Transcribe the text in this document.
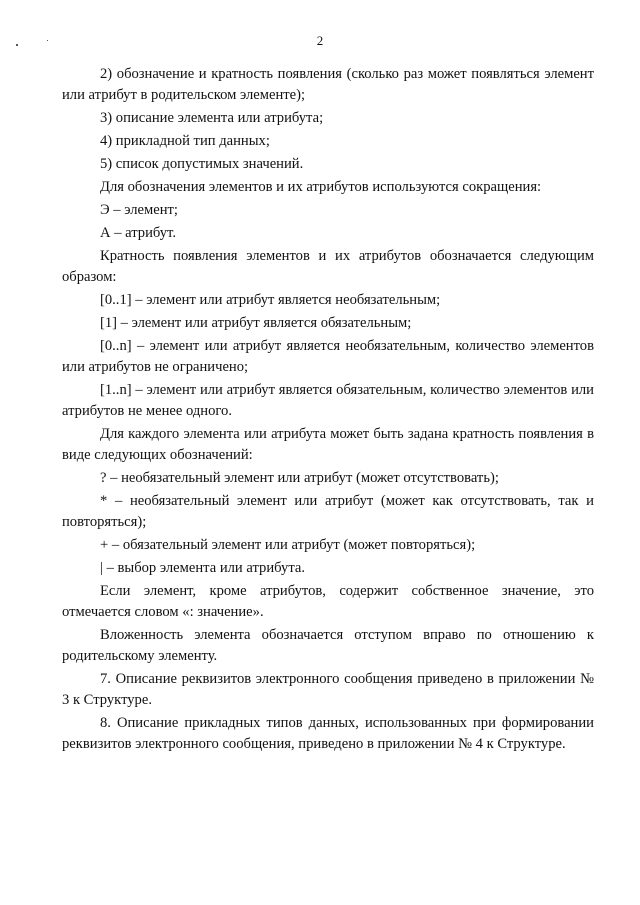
2

2) обозначение и кратность появления (сколько раз может появляться элемент или атрибут в родительском элементе);

3) описание элемента или атрибута;

4) прикладной тип данных;

5) список допустимых значений.

Для обозначения элементов и их атрибутов используются сокращения:

Э – элемент;

А – атрибут.

Кратность появления элементов и их атрибутов обозначается следующим образом:

[0..1] – элемент или атрибут является необязательным;

[1] – элемент или атрибут является обязательным;

[0..n] – элемент или атрибут является необязательным, количество элементов или атрибутов не ограничено;

[1..n] – элемент или атрибут является обязательным, количество элементов или атрибутов не менее одного.

Для каждого элемента или атрибута может быть задана кратность появления в виде следующих обозначений:

? – необязательный элемент или атрибут (может отсутствовать);

* – необязательный элемент или атрибут (может как отсутствовать, так и повторяться);

+ – обязательный элемент или атрибут (может повторяться);

| – выбор элемента или атрибута.

Если элемент, кроме атрибутов, содержит собственное значение, это отмечается словом «: значение».

Вложенность элемента обозначается отступом вправо по отношению к родительскому элементу.

7. Описание реквизитов электронного сообщения приведено в приложении № 3 к Структуре.

8. Описание прикладных типов данных, использованных при формировании реквизитов электронного сообщения, приведено в приложении № 4 к Структуре.
